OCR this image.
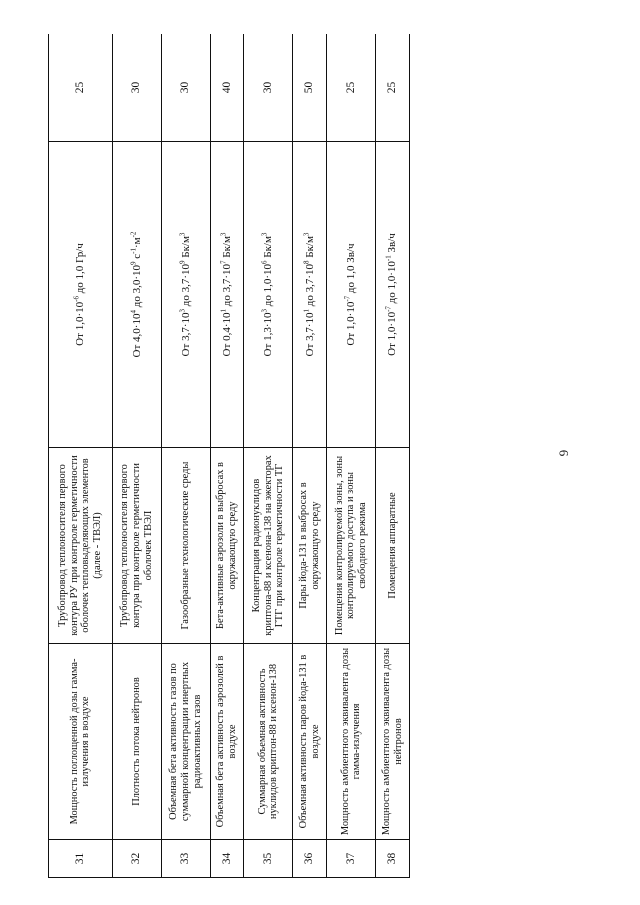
6
31	Мощность поглощенной дозы гамма-излучения в воздухе	Трубопровод теплоносителя первого контура РУ при контроле герметичности оболочек тепловыделяющих элементов (далее - ТВЭЛ)	От $1,0\cdot 10^{-6}$ до 1,0 Гр/ч	25
32	Плотность потока нейтронов	Трубопровод теплоносителя первого контура при контроле герметичности оболочек ТВЭЛ	От $4,0\cdot 10^4$ до $3,0\cdot 10^9$ $с^{-1}\cdot м^{-2}$	30
33	Объемная бета активность газов по суммарной концентрации инертных радиоактивных газов	Газообразные технологические среды	От $3,7\cdot 10^3$ до $3,7\cdot 10^9$ $Бк/м^3$	30
34	Объемная бета активность аэрозолей в воздухе	Бета-активные аэрозоли в выбросах в окружающую среду	От $0,4\cdot 10^1$ до $3,7\cdot 10^7$ $Бк/м^3$	40
35	Суммарная объемная активность нуклидов криптон-88 и ксенон-138	Концентрация радионуклидов криптона-88 и ксенона-138 на эжекторах ГТГ при контроле герметичности ТГ	От $1,3\cdot 10^3$ до $1,0\cdot 10^6$ $Бк/м^3$	30
36	Объемная активность паров йода-131 в воздухе	Пары йода-131 в выбросах в окружающую среду	От $3,7\cdot 10^1$ до $3,7\cdot 10^8$ $Бк/м^3$	50
37	Мощность амбиентного эквивалента дозы гамма-излучения	Помещения контролируемой зоны, зоны контролируемого доступа и зоны свободного режима	От $1,0\cdot 10^{-7}$ до 1,0 Зв/ч	25
38	Мощность амбиентного эквивалента дозы нейтронов	Помещения аппаратные	От $1,0\cdot 10^{-7}$ до $1,0\cdot 10^{-1}$ Зв/ч	25
